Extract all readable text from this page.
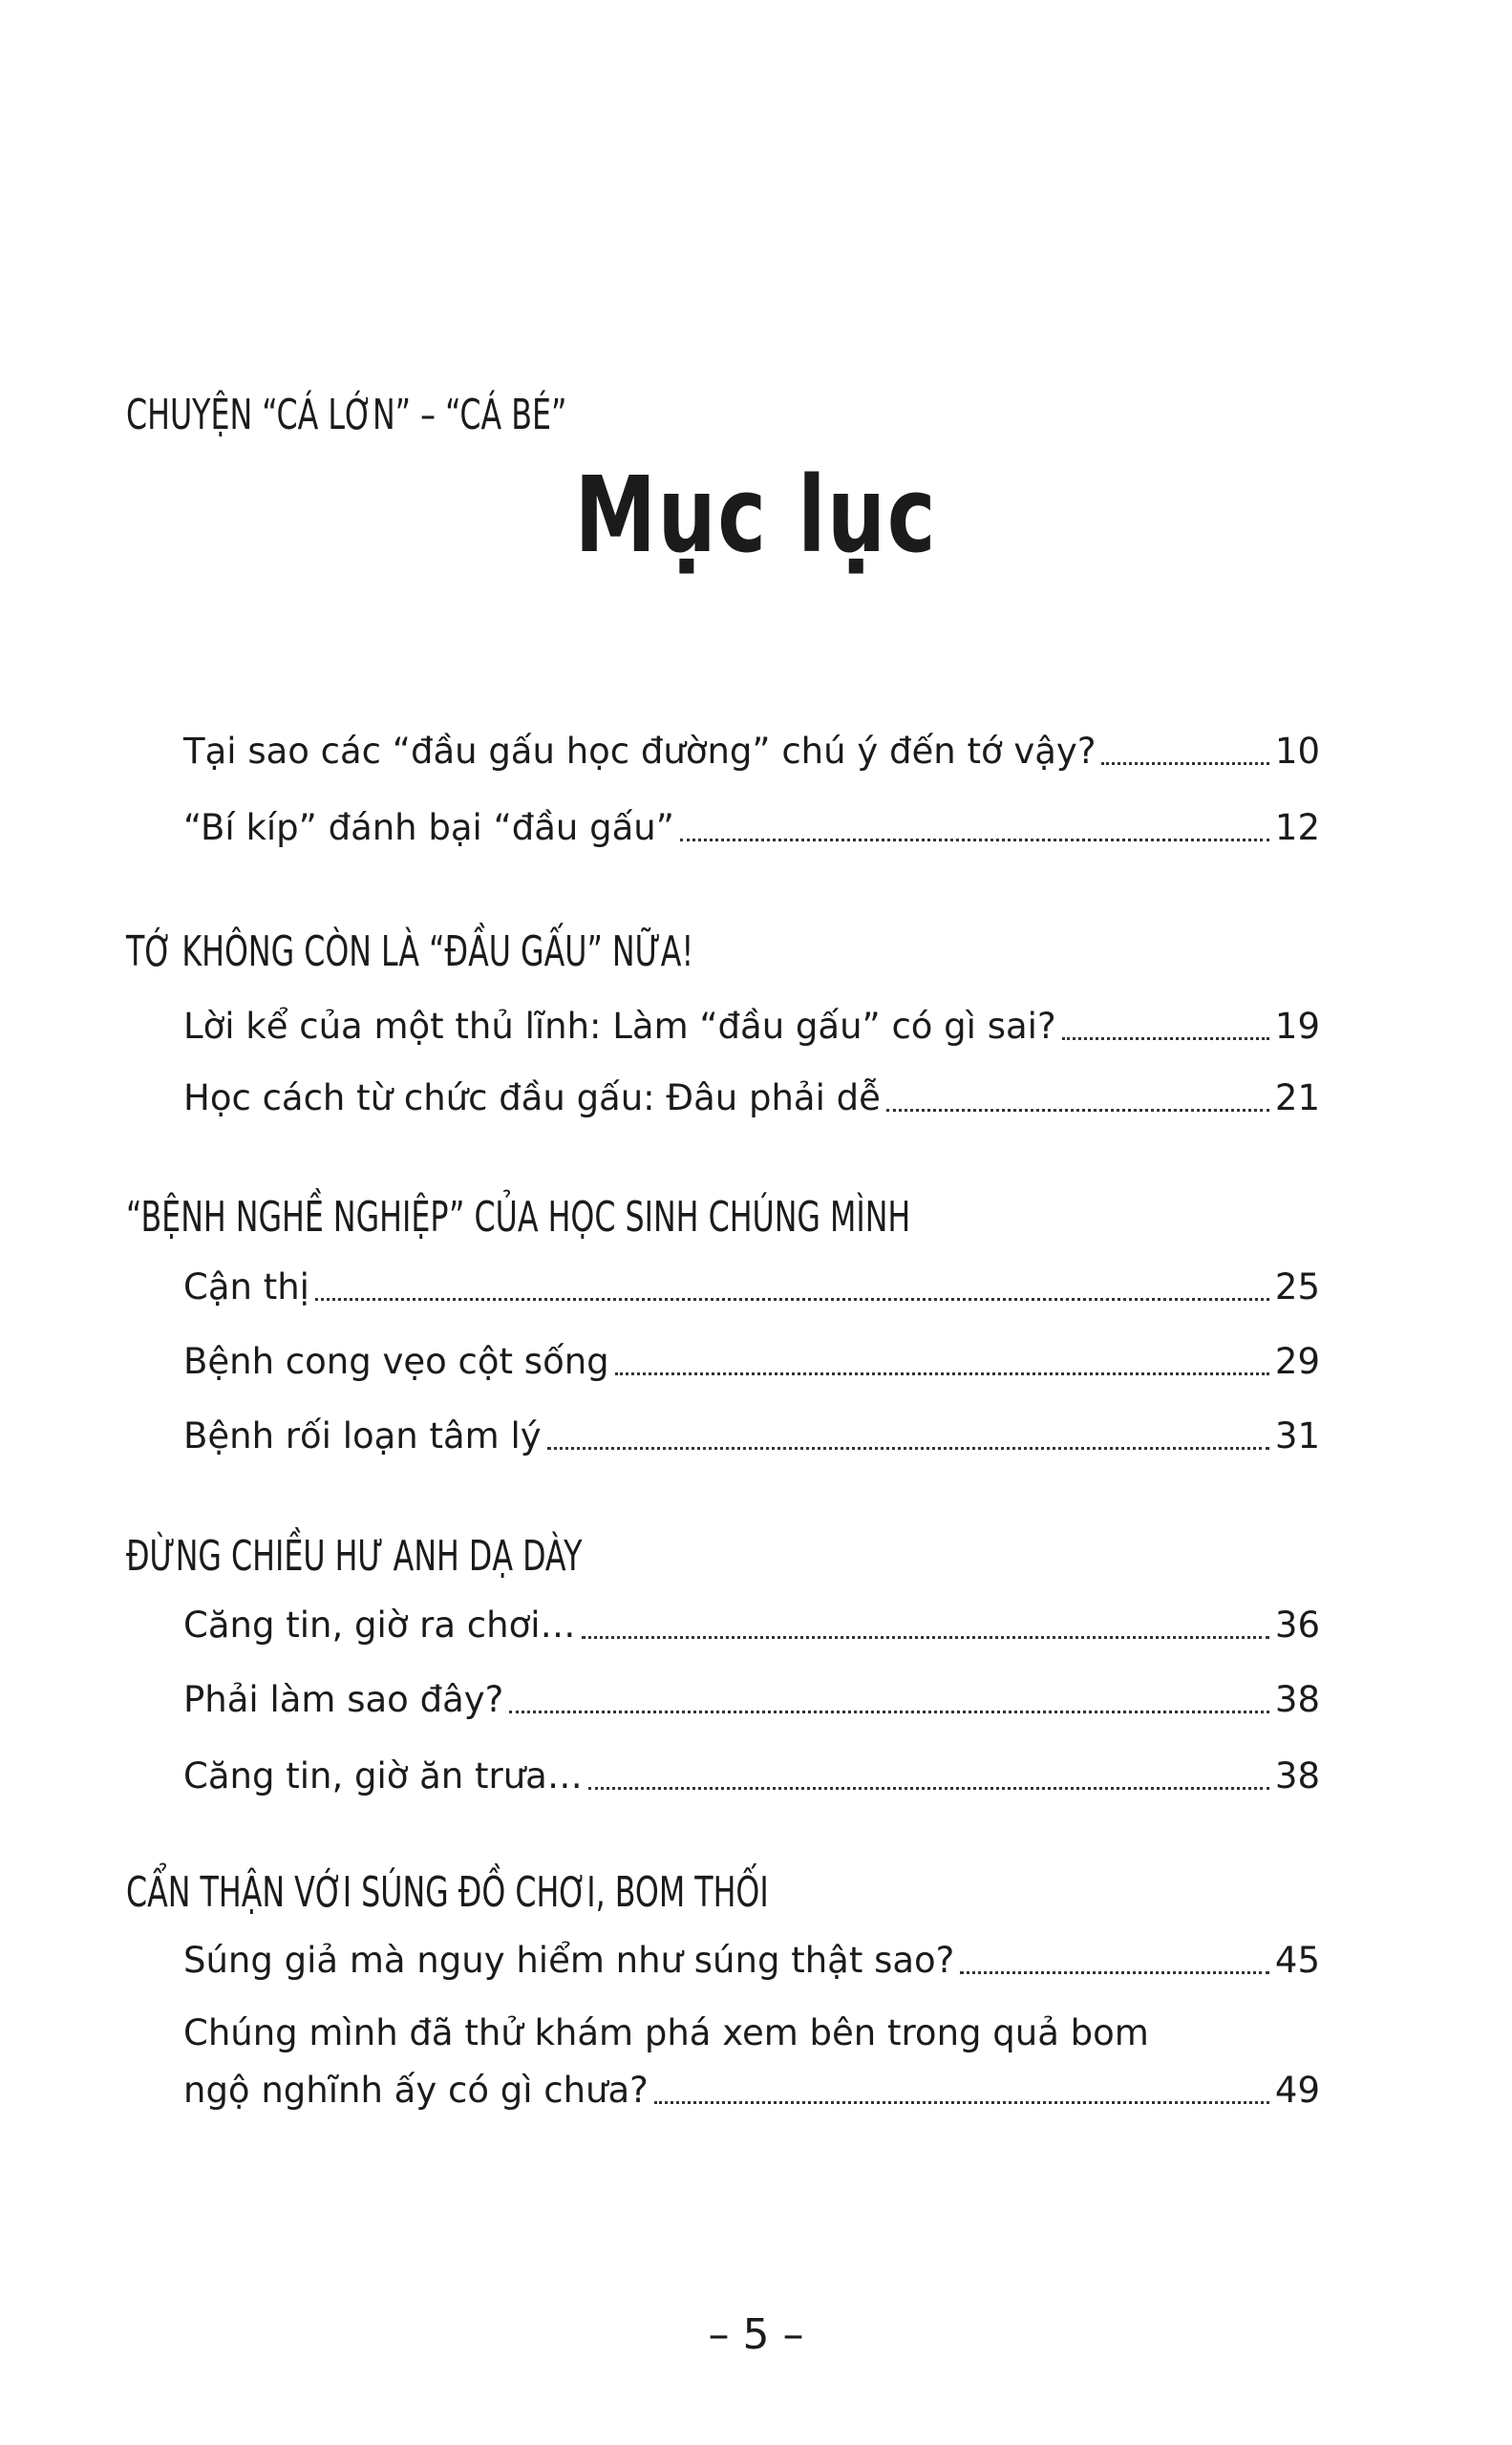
Mục lục
CHUYỆN “CÁ LỚN” – “CÁ BÉ”
Tại sao các “đầu gấu học đường” chú ý đến tớ vậy?	10
“Bí kíp” đánh bại “đầu gấu”	12
TỚ KHÔNG CÒN LÀ “ĐẦU GẤU” NỮA!
Lời kể của một thủ lĩnh: Làm “đầu gấu” có gì sai?	19
Học cách từ chức đầu gấu: Đâu phải dễ	21
“BỆNH NGHỀ NGHIỆP” CỦA HỌC SINH CHÚNG MÌNH
Cận thị	25
Bệnh cong vẹo cột sống	29
Bệnh rối loạn tâm lý	31
ĐỪNG CHIỀU HƯ ANH DẠ DÀY
Căng tin, giờ ra chơi…	36
Phải làm sao đây?	38
Căng tin, giờ ăn trưa…	38
CẨN THẬN VỚI SÚNG ĐỒ CHƠI, BOM THỐI
Súng giả mà nguy hiểm như súng thật sao?	45
Chúng mình đã thử khám phá xem bên trong quả bom
ngộ nghĩnh ấy có gì chưa?	49
– 5 –
